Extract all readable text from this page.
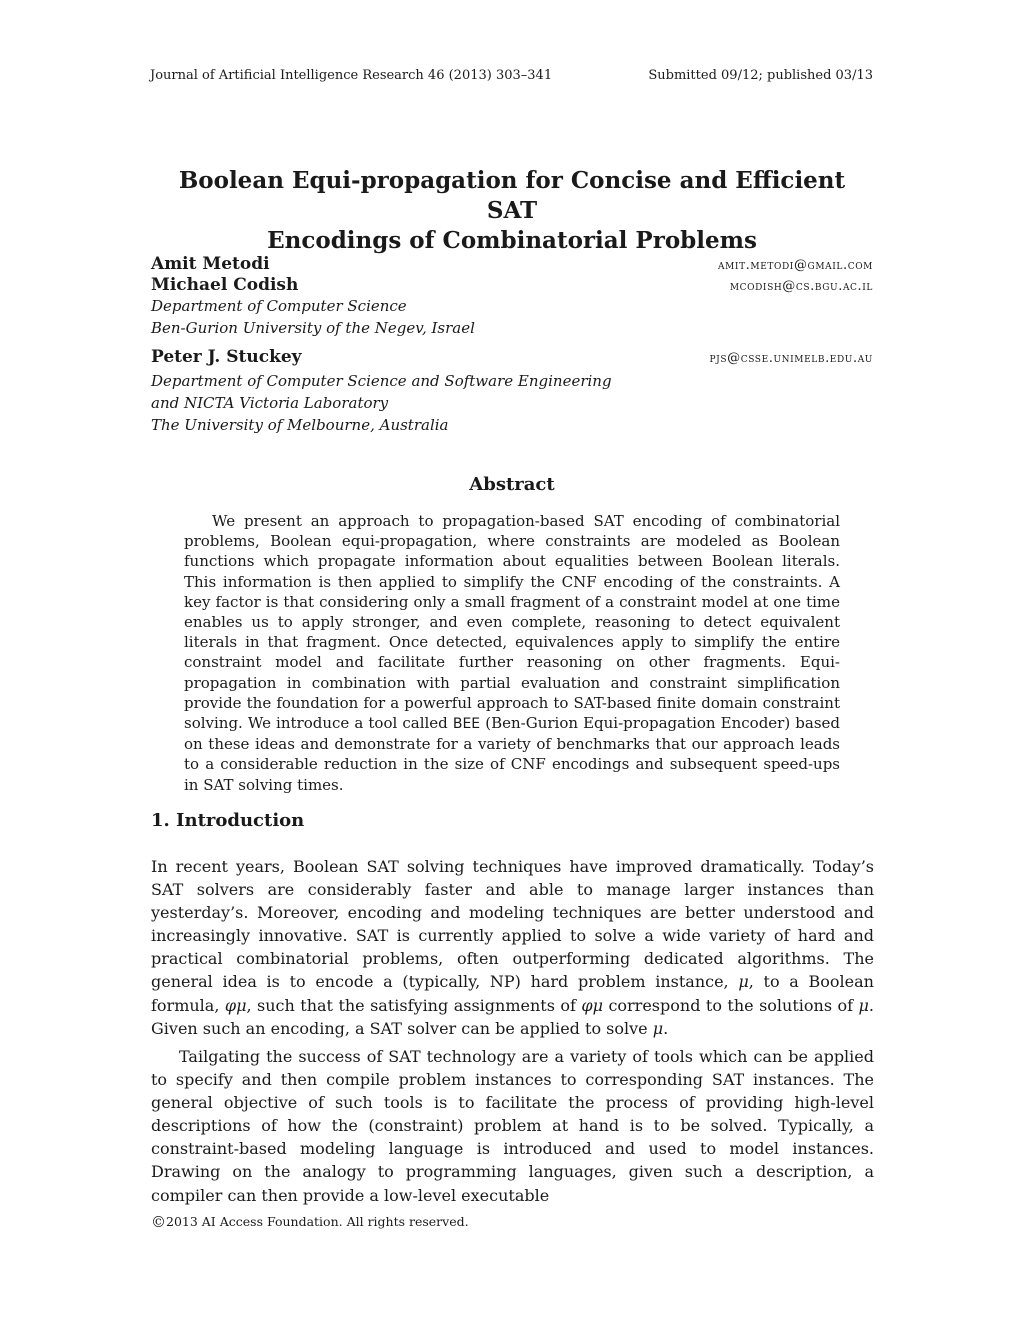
Journal of Artificial Intelligence Research 46 (2013) 303–341	Submitted 09/12; published 03/13
Boolean Equi-propagation for Concise and Efficient SAT
Encodings of Combinatorial Problems
Amit Metodi	amit.metodi@gmail.com
Michael Codish	mcodish@cs.bgu.ac.il
Department of Computer Science
Ben-Gurion University of the Negev, Israel
Peter J. Stuckey	pjs@csse.unimelb.edu.au
Department of Computer Science and Software Engineering
and NICTA Victoria Laboratory
The University of Melbourne, Australia
Abstract
We present an approach to propagation-based SAT encoding of combinatorial problems, Boolean equi-propagation, where constraints are modeled as Boolean functions which propagate information about equalities between Boolean literals. This information is then applied to simplify the CNF encoding of the constraints. A key factor is that considering only a small fragment of a constraint model at one time enables us to apply stronger, and even complete, reasoning to detect equivalent literals in that fragment. Once detected, equivalences apply to simplify the entire constraint model and facilitate further reasoning on other fragments. Equi-propagation in combination with partial evaluation and constraint simplification provide the foundation for a powerful approach to SAT-based finite domain constraint solving. We introduce a tool called BEE (Ben-Gurion Equi-propagation Encoder) based on these ideas and demonstrate for a variety of benchmarks that our approach leads to a considerable reduction in the size of CNF encodings and subsequent speed-ups in SAT solving times.
1. Introduction
In recent years, Boolean SAT solving techniques have improved dramatically. Today’s SAT solvers are considerably faster and able to manage larger instances than yesterday’s. Moreover, encoding and modeling techniques are better understood and increasingly innovative. SAT is currently applied to solve a wide variety of hard and practical combinatorial problems, often outperforming dedicated algorithms. The general idea is to encode a (typically, NP) hard problem instance, μ, to a Boolean formula, φμ, such that the satisfying assignments of φμ correspond to the solutions of μ. Given such an encoding, a SAT solver can be applied to solve μ.
Tailgating the success of SAT technology are a variety of tools which can be applied to specify and then compile problem instances to corresponding SAT instances. The general objective of such tools is to facilitate the process of providing high-level descriptions of how the (constraint) problem at hand is to be solved. Typically, a constraint-based modeling language is introduced and used to model instances. Drawing on the analogy to programming languages, given such a description, a compiler can then provide a low-level executable
©2013 AI Access Foundation. All rights reserved.
